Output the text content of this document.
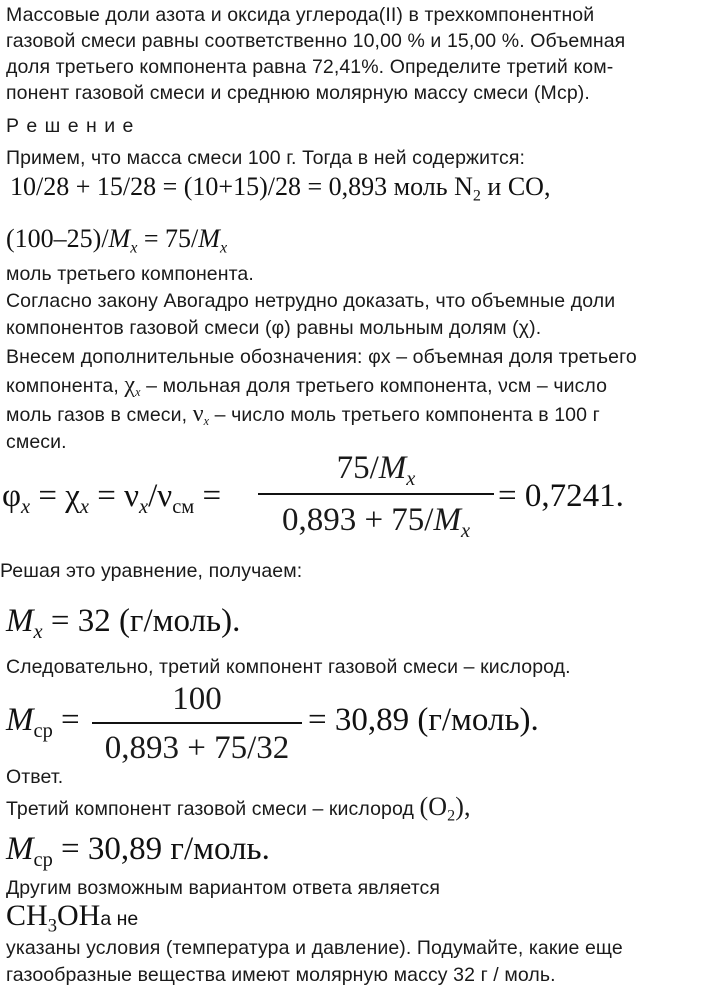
Массовые доли азота и оксида углерода(II) в трехкомпонентной
газовой смеси равны соответственно 10,00 % и 15,00 %. Объемная
доля третьего компонента равна 72,41%. Определите третий ком-
понент газовой смеси и среднюю молярную массу смеси (Мср).
Р е ш е н и е
Примем, что масса смеси 100 г. Тогда в ней содержится:
10/28 + 15/28 = (10+15)/28 = 0,893 моль $N_2$ и CO,
$(100-25)/M_x = 75/M_x$
моль третьего компонента.
Согласно закону Авогадро нетрудно доказать, что объемные доли
компонентов газовой смеси (φ) равны мольным долям (χ).
Внесем дополнительные обозначения: φх – объемная доля третьего
компонента, $\chi_x$ – мольная доля третьего компонента, νсм – число
моль газов в смеси, $\nu_x$ – число моль третьего компонента в 100 г
смеси.
$\varphi_x = \chi_x = \nu_x/\nu_{см}$ =
$75/M_x$
$0,893 + 75/M_x$
= 0,7241.
Решая это уравнение, получаем:
$M_x = 32$ (г/моль).
Следовательно, третий компонент газовой смеси – кислород.
$M_{ср}$ =
100
0,893 + 75/32
= 30,89 (г/моль).
Ответ.
Третий компонент газовой смеси – кислород $(O_2)$,
$M_{ср} = 30,89$ г/моль.
Другим возможным вариантом ответа является
$CH_3OHа$ не
указаны условия (температура и давление). Подумайте, какие еще
газообразные вещества имеют молярную массу 32 г / моль.
